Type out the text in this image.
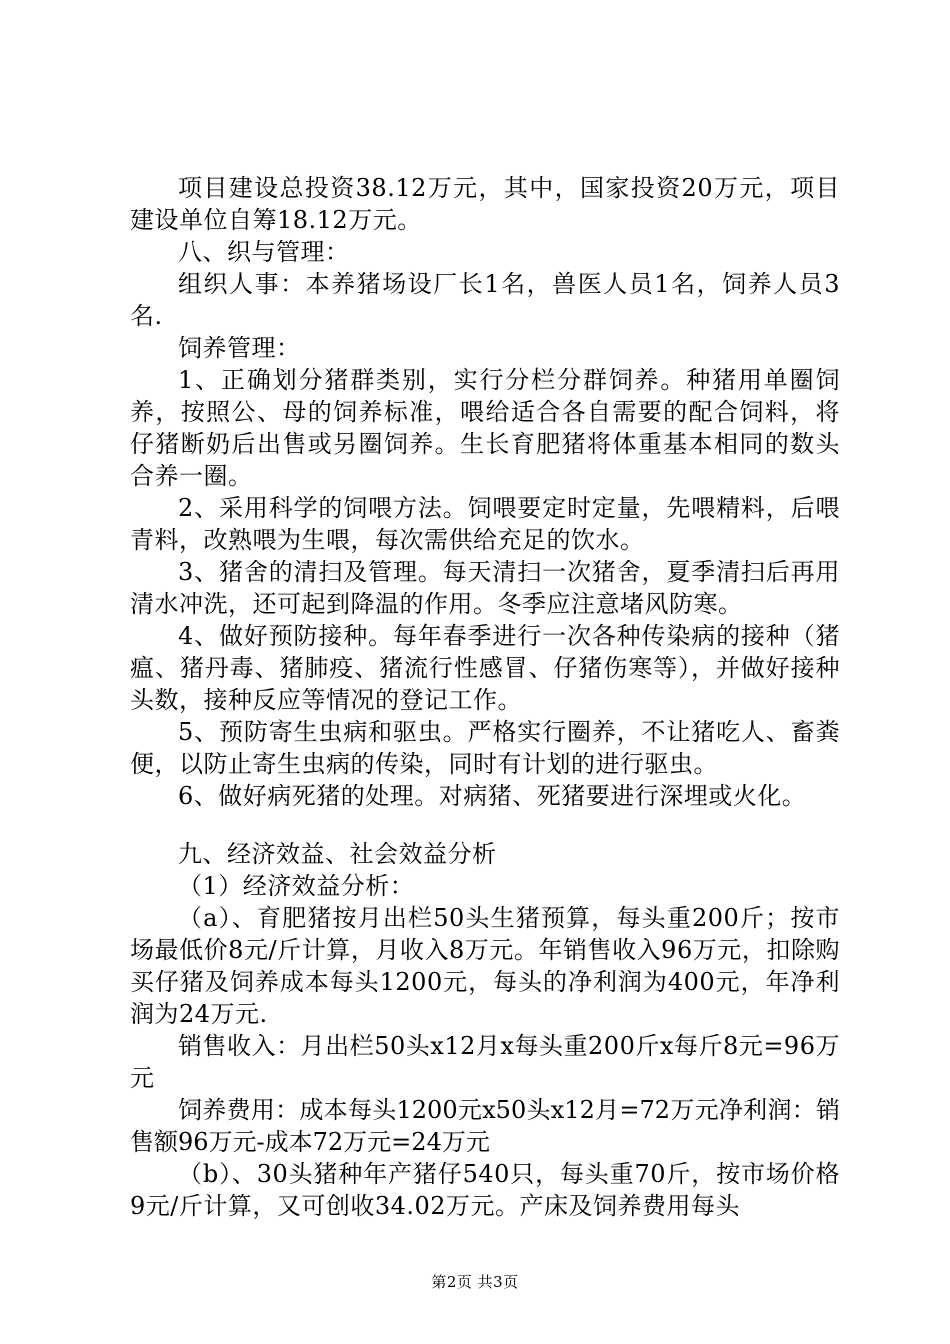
项目建设总投资38.12万元，其中，国家投资20万元，项目建设单位自筹18.12万元。

八、织与管理：

组织人事：本养猪场设厂长1名，兽医人员1名，饲养人员3名.

饲养管理：

1、正确划分猪群类别，实行分栏分群饲养。种猪用单圈饲养，按照公、母的饲养标准，喂给适合各自需要的配合饲料，将仔猪断奶后出售或另圈饲养。生长育肥猪将体重基本相同的数头合养一圈。

2、采用科学的饲喂方法。饲喂要定时定量，先喂精料，后喂青料，改熟喂为生喂，每次需供给充足的饮水。

3、猪舍的清扫及管理。每天清扫一次猪舍，夏季清扫后再用清水冲洗，还可起到降温的作用。冬季应注意堵风防寒。

4、做好预防接种。每年春季进行一次各种传染病的接种（猪瘟、猪丹毒、猪肺疫、猪流行性感冒、仔猪伤寒等），并做好接种头数，接种反应等情况的登记工作。

5、预防寄生虫病和驱虫。严格实行圈养，不让猪吃人、畜粪便，以防止寄生虫病的传染，同时有计划的进行驱虫。

6、做好病死猪的处理。对病猪、死猪要进行深埋或火化。

九、经济效益、社会效益分析

（1）经济效益分析：

（a）、育肥猪按月出栏50头生猪预算，每头重200斤；按市场最低价8元/斤计算，月收入8万元。年销售收入96万元，扣除购买仔猪及饲养成本每头1200元，每头的净利润为400元，年净利润为24万元.

销售收入：月出栏50头x12月x每头重200斤x每斤8元=96万元

饲养费用：成本每头1200元x50头x12月=72万元净利润：销售额96万元-成本72万元=24万元

（b）、30头猪种年产猪仔540只，每头重70斤，按市场价格9元/斤计算，又可创收34.02万元。产床及饲养费用每头

第2页 共3页
